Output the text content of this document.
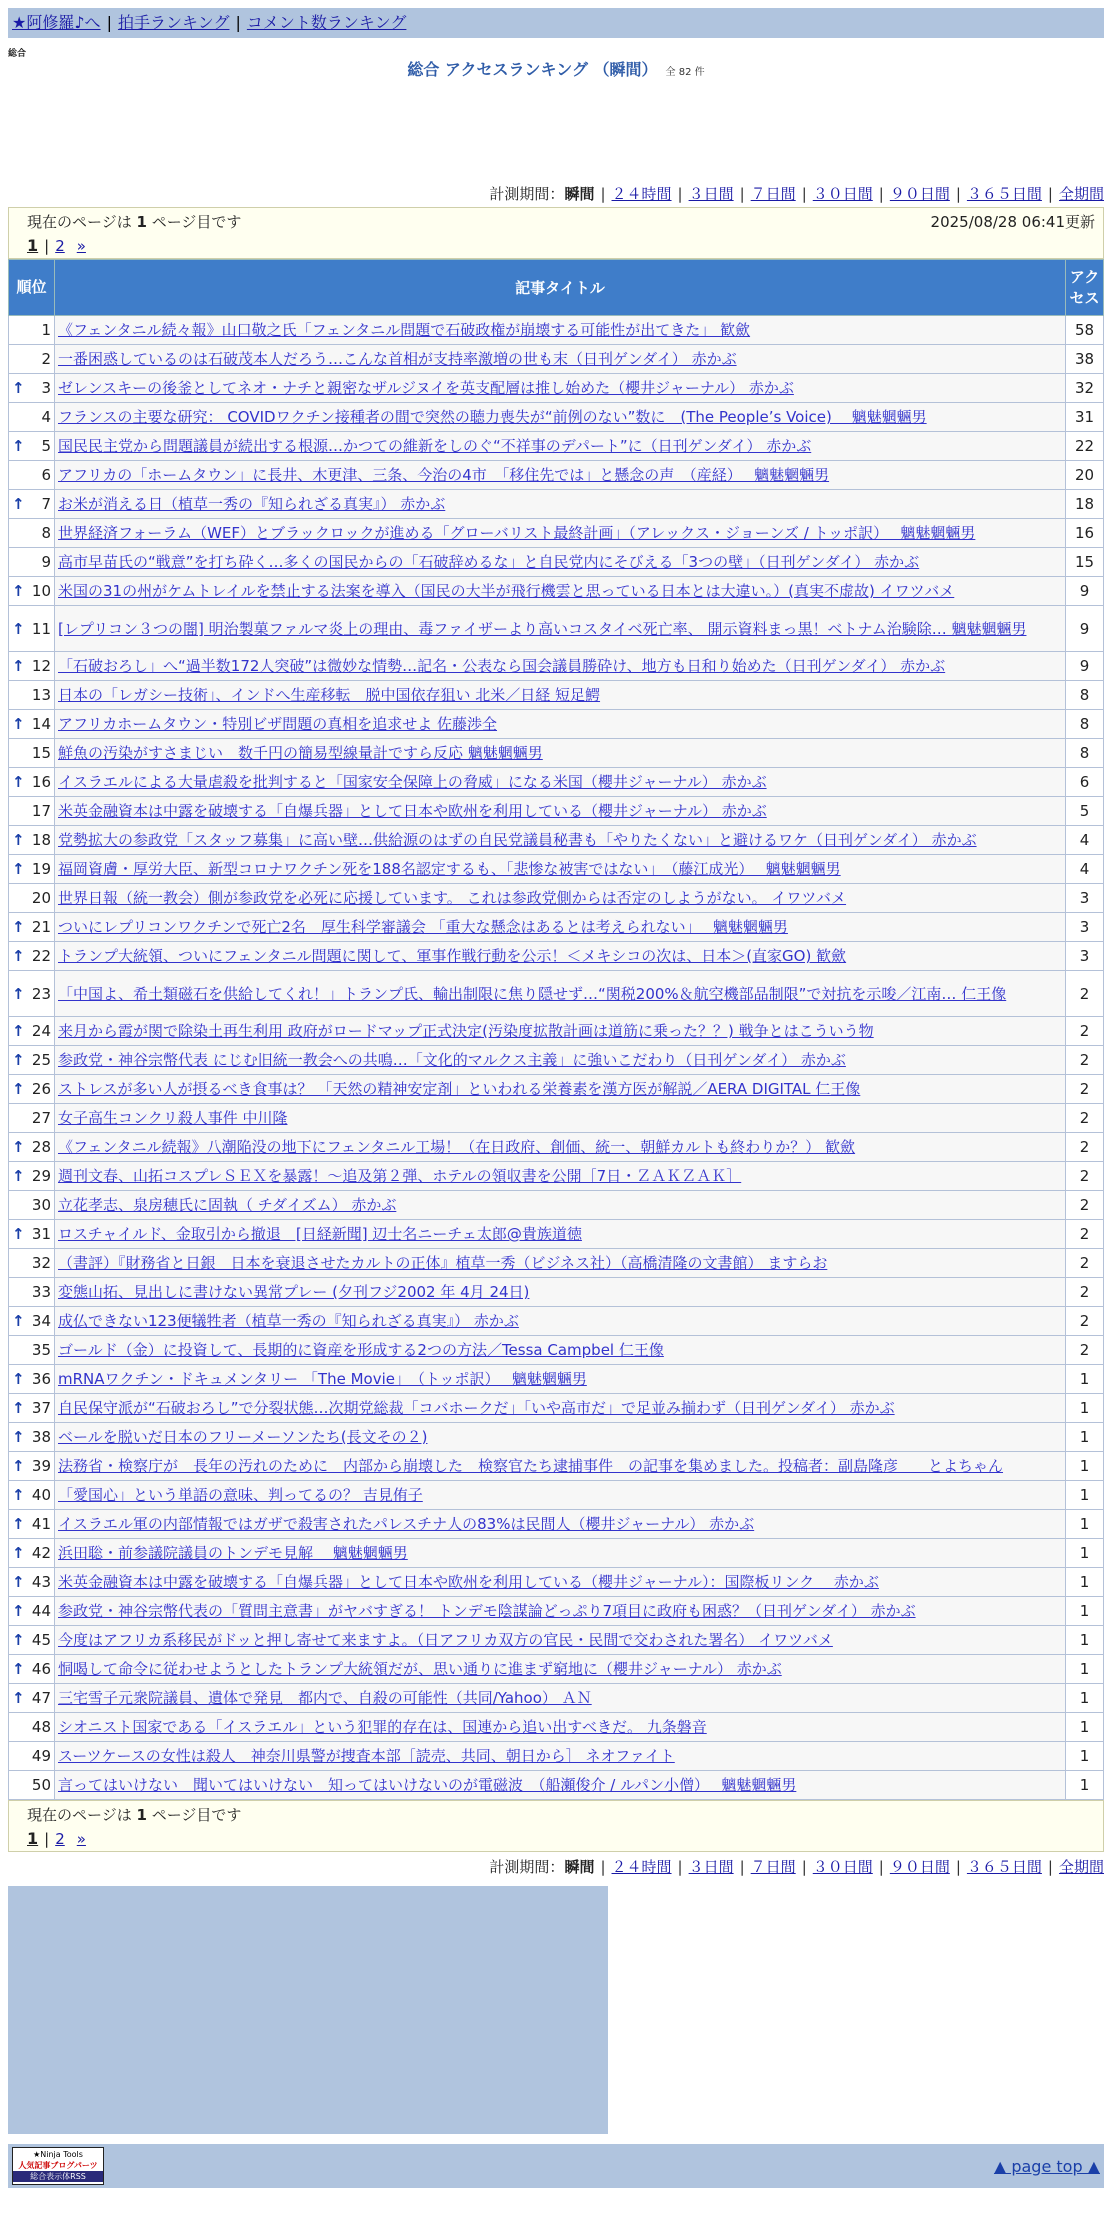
★阿修羅♪へ | 拍手ランキング | コメント数ランキング
総合
総合 アクセスランキング （瞬間） 全 82 件
計測期間：瞬間 | ２４時間 | ３日間 | ７日間 | ３０日間 | ９０日間 | ３６５日間 | 全期間
現在のページは 1 ページ目です	2025/08/28 06:41更新
1 | 2 »
順位	記事タイトル	アクセス
1	《フェンタニル続々報》山口敬之氏「フェンタニル問題で石破政権が崩壊する可能性が出てきた」 歓歛	58
2	一番困惑しているのは石破茂本人だろう…こんな首相が支持率激増の世も末（日刊ゲンダイ） 赤かぶ	38

↑ 3	ゼレンスキーの後釜としてネオ・ナチと親密なザルジヌイを英支配層は推し始めた（櫻井ジャーナル） 赤かぶ	32
4	フランスの主要な研究： COVIDワクチン接種者の間で突然の聴力喪失が“前例のない”数に　(The People’s Voice)　 魑魅魍魎男	31

↑ 5	国民民主党から問題議員が続出する根源…かつての維新をしのぐ“不祥事のデパート”に（日刊ゲンダイ） 赤かぶ	22
6	アフリカの「ホームタウン」に長井、木更津、三条、今治の4市　「移住先では」と懸念の声　（産経）　 魑魅魍魎男	20

↑ 7	お米が消える日（植草一秀の『知られざる真実』） 赤かぶ	18
8	世界経済フォーラム（WEF）とブラックロックが進める「グローバリスト最終計画」（アレックス・ジョーンズ / トッポ訳）　 魑魅魍魎男	16
9	高市早苗氏の“戦意”を打ち砕く…多くの国民からの「石破辞めるな」と自民党内にそびえる「3つの壁」（日刊ゲンダイ） 赤かぶ	15

↑ 10	米国の31の州がケムトレイルを禁止する法案を導入（国民の大半が飛行機雲と思っている日本とは大違い。）(真実不虚故) イワツバメ	9

↑ 11	[レプリコン３つの闇] 明治製菓ファルマ炎上の理由、毒ファイザーより高いコスタイベ死亡率、 開示資料まっ黒！ベトナム治験除… 魑魅魍魎男	9

↑ 12	「石破おろし」へ“過半数172人突破”は微妙な情勢…記名・公表なら国会議員勝砕け、地方も日和り始めた（日刊ゲンダイ） 赤かぶ	9
13	日本の「レガシー技術」、インドへ生産移転　脱中国依存狙い 北米／日経 短足鰐	8

↑ 14	アフリカホームタウン・特別ビザ問題の真相を追求せよ 佐藤渉全	8
15	鮮魚の汚染がすさまじい　数千円の簡易型線量計ですら反応 魑魅魍魎男	8

↑ 16	イスラエルによる大量虐殺を批判すると「国家安全保障上の脅威」になる米国（櫻井ジャーナル） 赤かぶ	6
17	米英金融資本は中露を破壊する「自爆兵器」として日本や欧州を利用している（櫻井ジャーナル） 赤かぶ	5

↑ 18	党勢拡大の参政党「スタッフ募集」に高い壁…供給源のはずの自民党議員秘書も「やりたくない」と避けるワケ（日刊ゲンダイ） 赤かぶ	4

↑ 19	福岡資膚・厚労大臣、新型コロナワクチン死を188名認定するも、「悲惨な被害ではない」　（藤江成光）　 魑魅魍魎男	4
20	世界日報（統一教会）側が参政党を必死に応援しています。 これは参政党側からは否定のしようがない。 イワツバメ	3

↑ 21	ついにレプリコンワクチンで死亡2名　厚生科学審議会 「重大な懸念はあるとは考えられない」　 魑魅魍魎男	3

↑ 22	トランプ大統領、ついにフェンタニル問題に関して、軍事作戦行動を公示！＜メキシコの次は、日本＞(直家GO) 歓歛	3

↑ 23	「中国よ、希土類磁石を供給してくれ！」トランプ氏、輸出制限に焦り隠せず…“関税200%＆航空機部品制限”で対抗を示唆／江南… 仁王像	2

↑ 24	来月から霞が関で除染土再生利用 政府がロードマップ正式決定(汚染度拡散計画は道筋に乗った？？) 戦争とはこういう物	2

↑ 25	参政党・神谷宗幣代表 にじむ旧統一教会への共鳴…「文化的マルクス主義」に強いこだわり（日刊ゲンダイ） 赤かぶ	2

↑ 26	ストレスが多い人が摂るべき食事は？ 「天然の精神安定剤」といわれる栄養素を漢方医が解説／AERA DIGITAL 仁王像	2
27	女子高生コンクリ殺人事件 中川隆	2

↑ 28	《フェンタニル続報》八潮陥没の地下にフェンタニル工場！（在日政府、創価、統一、朝鮮カルトも終わりか？） 歓歛	2

↑ 29	週刊文春、山拓コスプレＳＥＸを暴露！〜追及第２弾、ホテルの領収書を公開［7日・ＺＡＫＺＡＫ］	2
30	立花孝志、泉房穂氏に固執（ チダイズム） 赤かぶ	2

↑ 31	ロスチャイルド、金取引から撤退　[日経新聞] 辺士名ニーチェ太郎@貴族道徳	2
32	（書評）『財務省と日銀　日本を衰退させたカルトの正体』植草一秀（ビジネス社）（高橋清隆の文書館） ますらお	2
33	変態山拓、見出しに書けない異常プレー (夕刊フジ2002 年 4月 24日)	2

↑ 34	成仏できない123便犠牲者（植草一秀の『知られざる真実』） 赤かぶ	2
35	ゴールド（金）に投資して、長期的に資産を形成する2つの方法／Tessa Campbel 仁王像	2

↑ 36	mRNAワクチン・ドキュメンタリー 「The Movie」　（トッポ訳）　 魑魅魍魎男	1

↑ 37	自民保守派が“石破おろし”で分裂状態…次期党総裁「コバホークだ」「いや高市だ」で足並み揃わず（日刊ゲンダイ） 赤かぶ	1

↑ 38	ベールを脱いだ日本のフリーメーソンたち(長文その２)	1

↑ 39	法務省・検察庁が　長年の汚れのために　内部から崩壊した　検察官たち逮捕事件　の記事を集めました。投稿者：副島隆彦　　とよちゃん	1

↑ 40	「愛国心」という単語の意味、判ってるの？ 吉見侑子	1

↑ 41	イスラエル軍の内部情報ではガザで殺害されたパレスチナ人の83%は民間人（櫻井ジャーナル） 赤かぶ	1

↑ 42	浜田聡・前参議院議員のトンデモ見解　 魑魅魍魎男	1

↑ 43	米英金融資本は中露を破壊する「自爆兵器」として日本や欧州を利用している（櫻井ジャーナル）：国際板リンク　 赤かぶ	1

↑ 44	参政党・神谷宗幣代表の「質問主意書」がヤバすぎる！ トンデモ陰謀論どっぷり7項目に政府も困惑？（日刊ゲンダイ） 赤かぶ	1

↑ 45	今度はアフリカ系移民がドッと押し寄せて来ますよ。（日アフリカ双方の官民・民間で交わされた署名） イワツバメ	1

↑ 46	恫喝して命令に従わせようとしたトランプ大統領だが、思い通りに進まず窮地に（櫻井ジャーナル） 赤かぶ	1

↑ 47	三宅雪子元衆院議員、遺体で発見　都内で、自殺の可能性（共同/Yahoo） ＡＮ	1
48	シオニスト国家である「イスラエル」という犯罪的存在は、国連から追い出すべきだ。 九条磐音	1
49	スーツケースの女性は殺人　神奈川県警が捜査本部［読売、共同、朝日から］ ネオファイト	1
50	言ってはいけない　聞いてはいけない　知ってはいけないのが電磁波　（船瀬俊介 / ルパン小僧）　 魑魅魍魎男	1
現在のページは 1 ページ目です
1 | 2 »
計測期間：瞬間 | ２４時間 | ３日間 | ７日間 | ３０日間 | ９０日間 | ３６５日間 | 全期間
★Ninja Tools
人気記事ブログパーツ
総合表示体RSS
▲ page top ▲
